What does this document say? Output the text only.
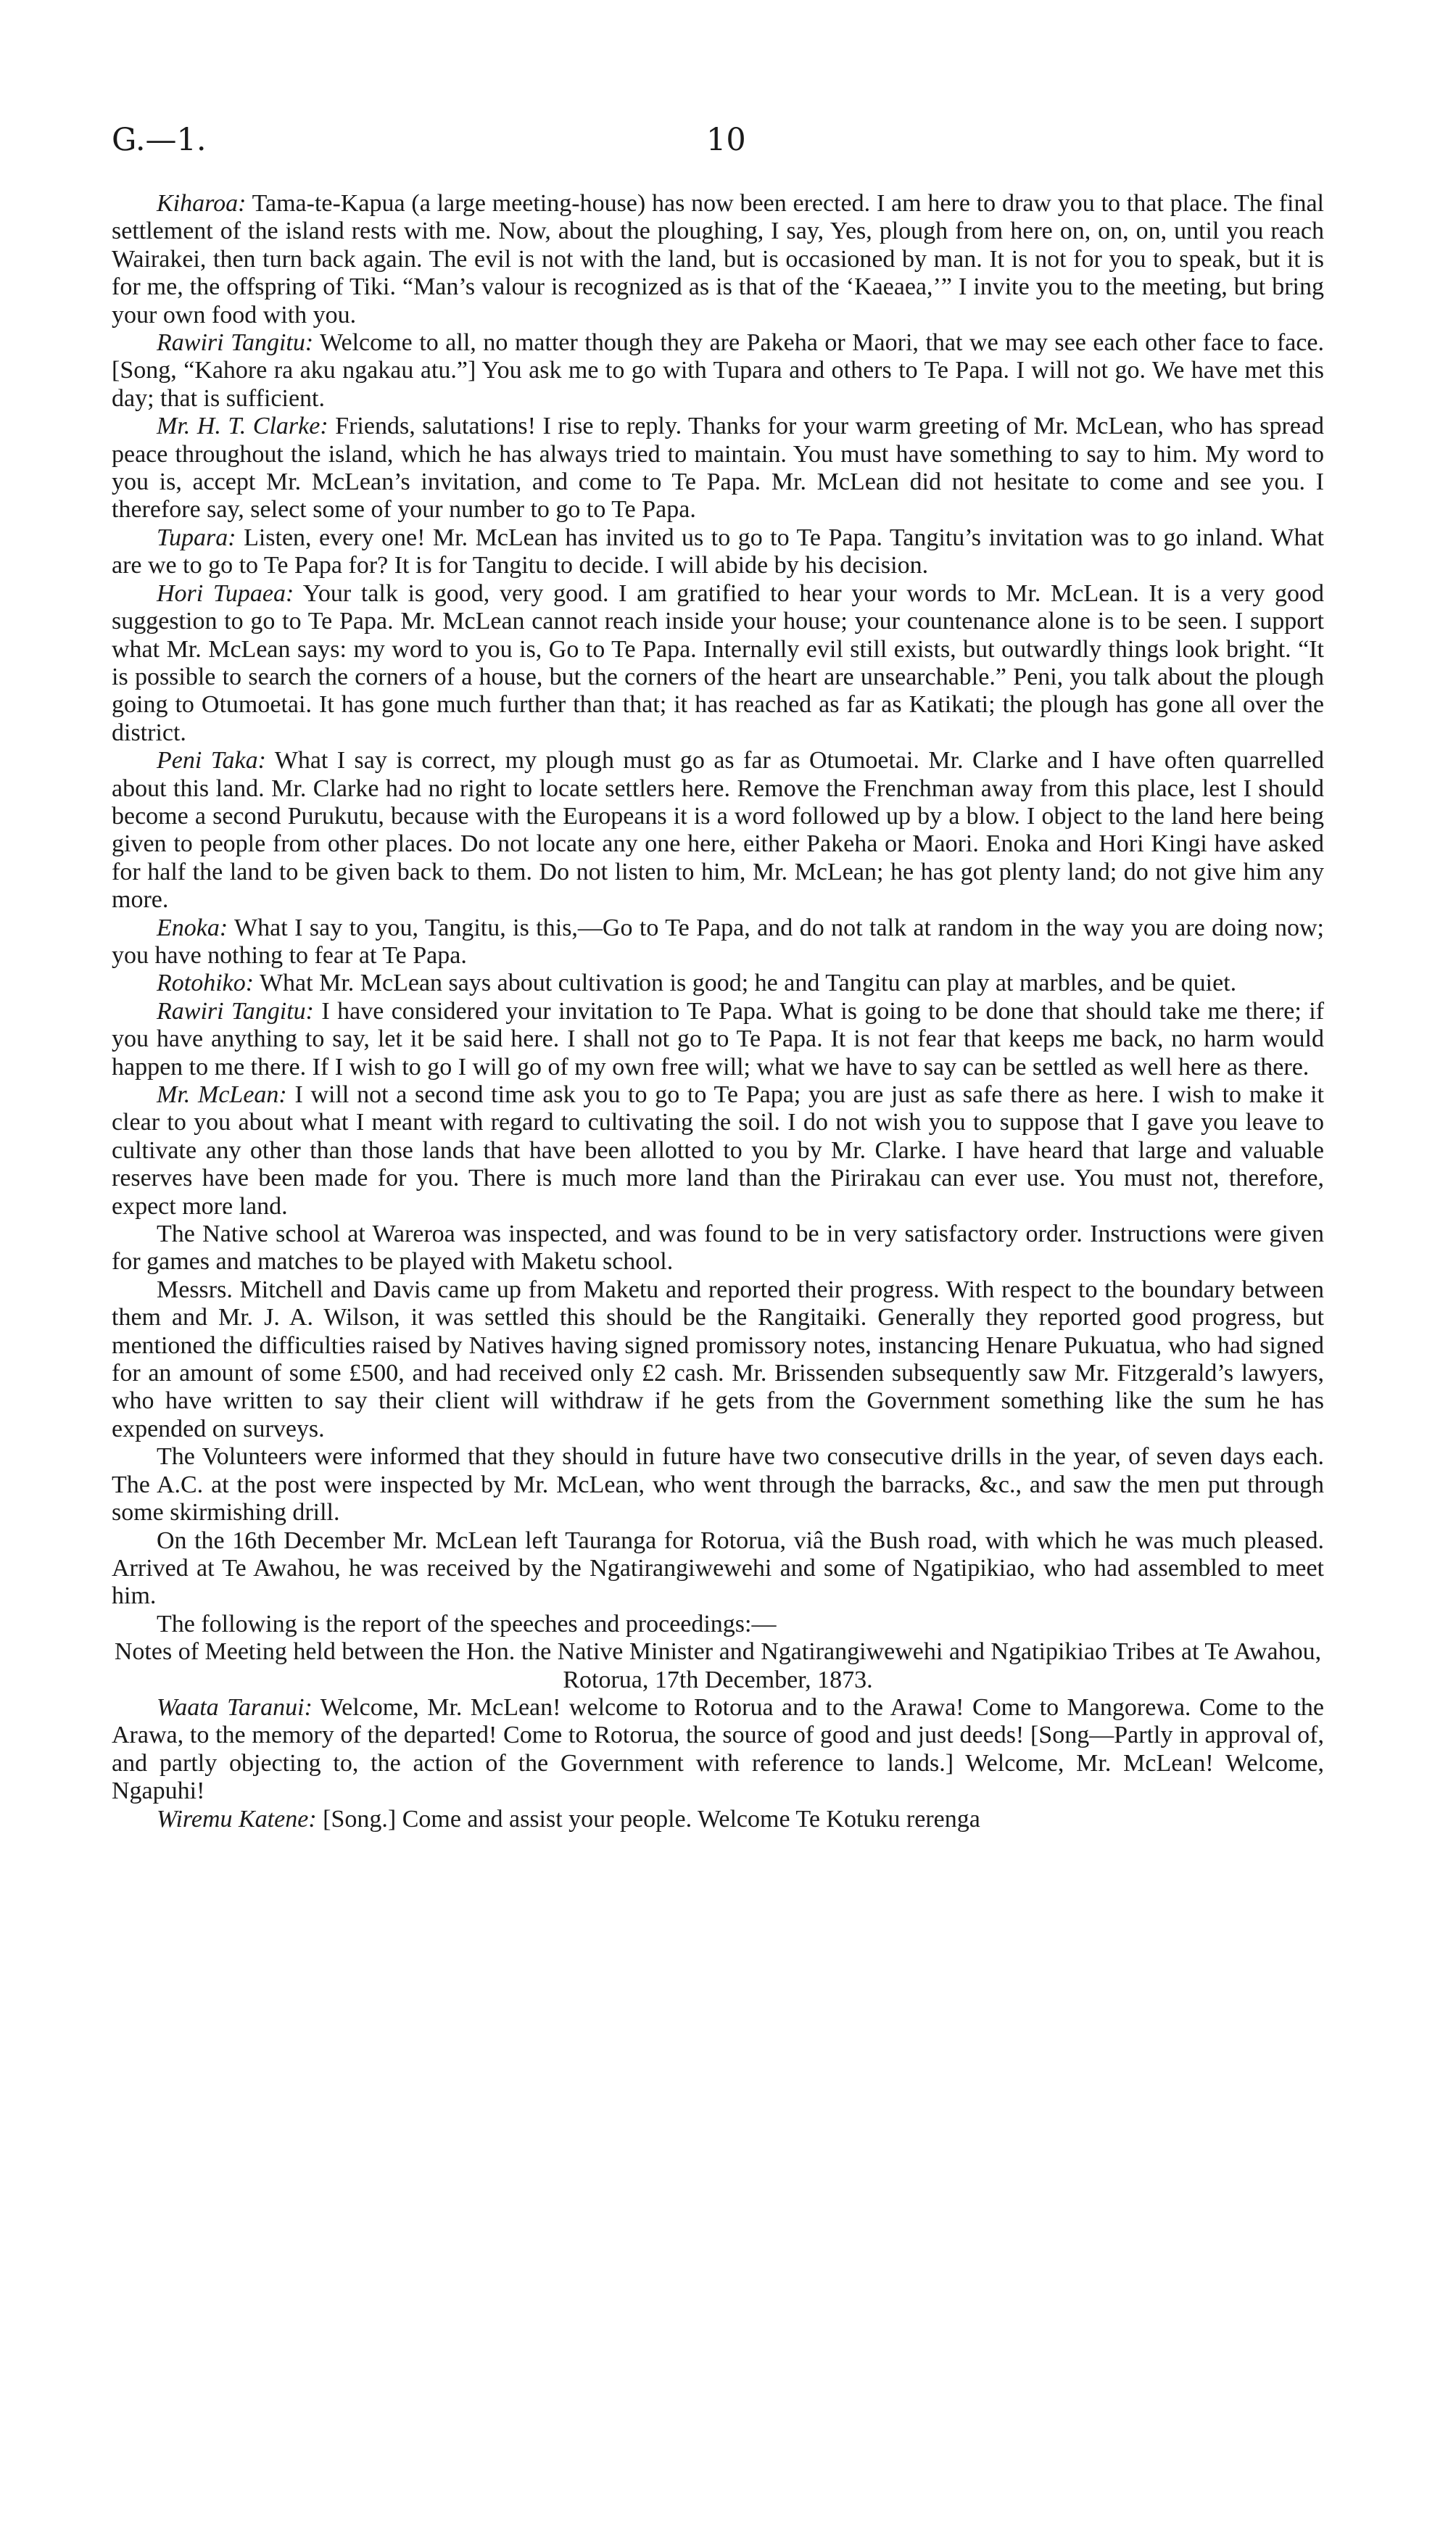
G.—1.	10

Kiharoa: Tama-te-Kapua (a large meeting-house) has now been erected. I am here to draw you to that place. The final settlement of the island rests with me. Now, about the ploughing, I say, Yes, plough from here on, on, on, until you reach Wairakei, then turn back again. The evil is not with the land, but is occasioned by man. It is not for you to speak, but it is for me, the offspring of Tiki. “Man’s valour is recognized as is that of the ‘Kaeaea,’” I invite you to the meeting, but bring your own food with you.

Rawiri Tangitu: Welcome to all, no matter though they are Pakeha or Maori, that we may see each other face to face. [Song, “Kahore ra aku ngakau atu.”] You ask me to go with Tupara and others to Te Papa. I will not go. We have met this day; that is sufficient.

Mr. H. T. Clarke: Friends, salutations! I rise to reply. Thanks for your warm greeting of Mr. McLean, who has spread peace throughout the island, which he has always tried to maintain. You must have something to say to him. My word to you is, accept Mr. McLean’s invitation, and come to Te Papa. Mr. McLean did not hesitate to come and see you. I therefore say, select some of your number to go to Te Papa.

Tupara: Listen, every one! Mr. McLean has invited us to go to Te Papa. Tangitu’s invitation was to go inland. What are we to go to Te Papa for? It is for Tangitu to decide. I will abide by his decision.

Hori Tupaea: Your talk is good, very good. I am gratified to hear your words to Mr. McLean. It is a very good suggestion to go to Te Papa. Mr. McLean cannot reach inside your house; your countenance alone is to be seen. I support what Mr. McLean says: my word to you is, Go to Te Papa. Internally evil still exists, but outwardly things look bright. “It is possible to search the corners of a house, but the corners of the heart are unsearchable.” Peni, you talk about the plough going to Otumoetai. It has gone much further than that; it has reached as far as Katikati; the plough has gone all over the district.

Peni Taka: What I say is correct, my plough must go as far as Otumoetai. Mr. Clarke and I have often quarrelled about this land. Mr. Clarke had no right to locate settlers here. Remove the Frenchman away from this place, lest I should become a second Purukutu, because with the Europeans it is a word followed up by a blow. I object to the land here being given to people from other places. Do not locate any one here, either Pakeha or Maori. Enoka and Hori Kingi have asked for half the land to be given back to them. Do not listen to him, Mr. McLean; he has got plenty land; do not give him any more.

Enoka: What I say to you, Tangitu, is this,—Go to Te Papa, and do not talk at random in the way you are doing now; you have nothing to fear at Te Papa.

Rotohiko: What Mr. McLean says about cultivation is good; he and Tangitu can play at marbles, and be quiet.

Rawiri Tangitu: I have considered your invitation to Te Papa. What is going to be done that should take me there; if you have anything to say, let it be said here. I shall not go to Te Papa. It is not fear that keeps me back, no harm would happen to me there. If I wish to go I will go of my own free will; what we have to say can be settled as well here as there.

Mr. McLean: I will not a second time ask you to go to Te Papa; you are just as safe there as here. I wish to make it clear to you about what I meant with regard to cultivating the soil. I do not wish you to suppose that I gave you leave to cultivate any other than those lands that have been allotted to you by Mr. Clarke. I have heard that large and valuable reserves have been made for you. There is much more land than the Pirirakau can ever use. You must not, therefore, expect more land.

The Native school at Wareroa was inspected, and was found to be in very satisfactory order. Instructions were given for games and matches to be played with Maketu school.

Messrs. Mitchell and Davis came up from Maketu and reported their progress. With respect to the boundary between them and Mr. J. A. Wilson, it was settled this should be the Rangitaiki. Generally they reported good progress, but mentioned the difficulties raised by Natives having signed promissory notes, instancing Henare Pukuatua, who had signed for an amount of some £500, and had received only £2 cash. Mr. Brissenden subsequently saw Mr. Fitzgerald’s lawyers, who have written to say their client will withdraw if he gets from the Government something like the sum he has expended on surveys.

The Volunteers were informed that they should in future have two consecutive drills in the year, of seven days each. The A.C. at the post were inspected by Mr. McLean, who went through the barracks, &c., and saw the men put through some skirmishing drill.

On the 16th December Mr. McLean left Tauranga for Rotorua, viâ the Bush road, with which he was much pleased. Arrived at Te Awahou, he was received by the Ngatirangiwewehi and some of Ngatipikiao, who had assembled to meet him.

The following is the report of the speeches and proceedings:—

Notes of Meeting held between the Hon. the Native Minister and Ngatirangiwewehi and Ngatipikiao Tribes at Te Awahou, Rotorua, 17th December, 1873.

Waata Taranui: Welcome, Mr. McLean! welcome to Rotorua and to the Arawa! Come to Mangorewa. Come to the Arawa, to the memory of the departed! Come to Rotorua, the source of good and just deeds! [Song—Partly in approval of, and partly objecting to, the action of the Government with reference to lands.] Welcome, Mr. McLean! Welcome, Ngapuhi!

Wiremu Katene: [Song.] Come and assist your people. Welcome Te Kotuku rerenga
